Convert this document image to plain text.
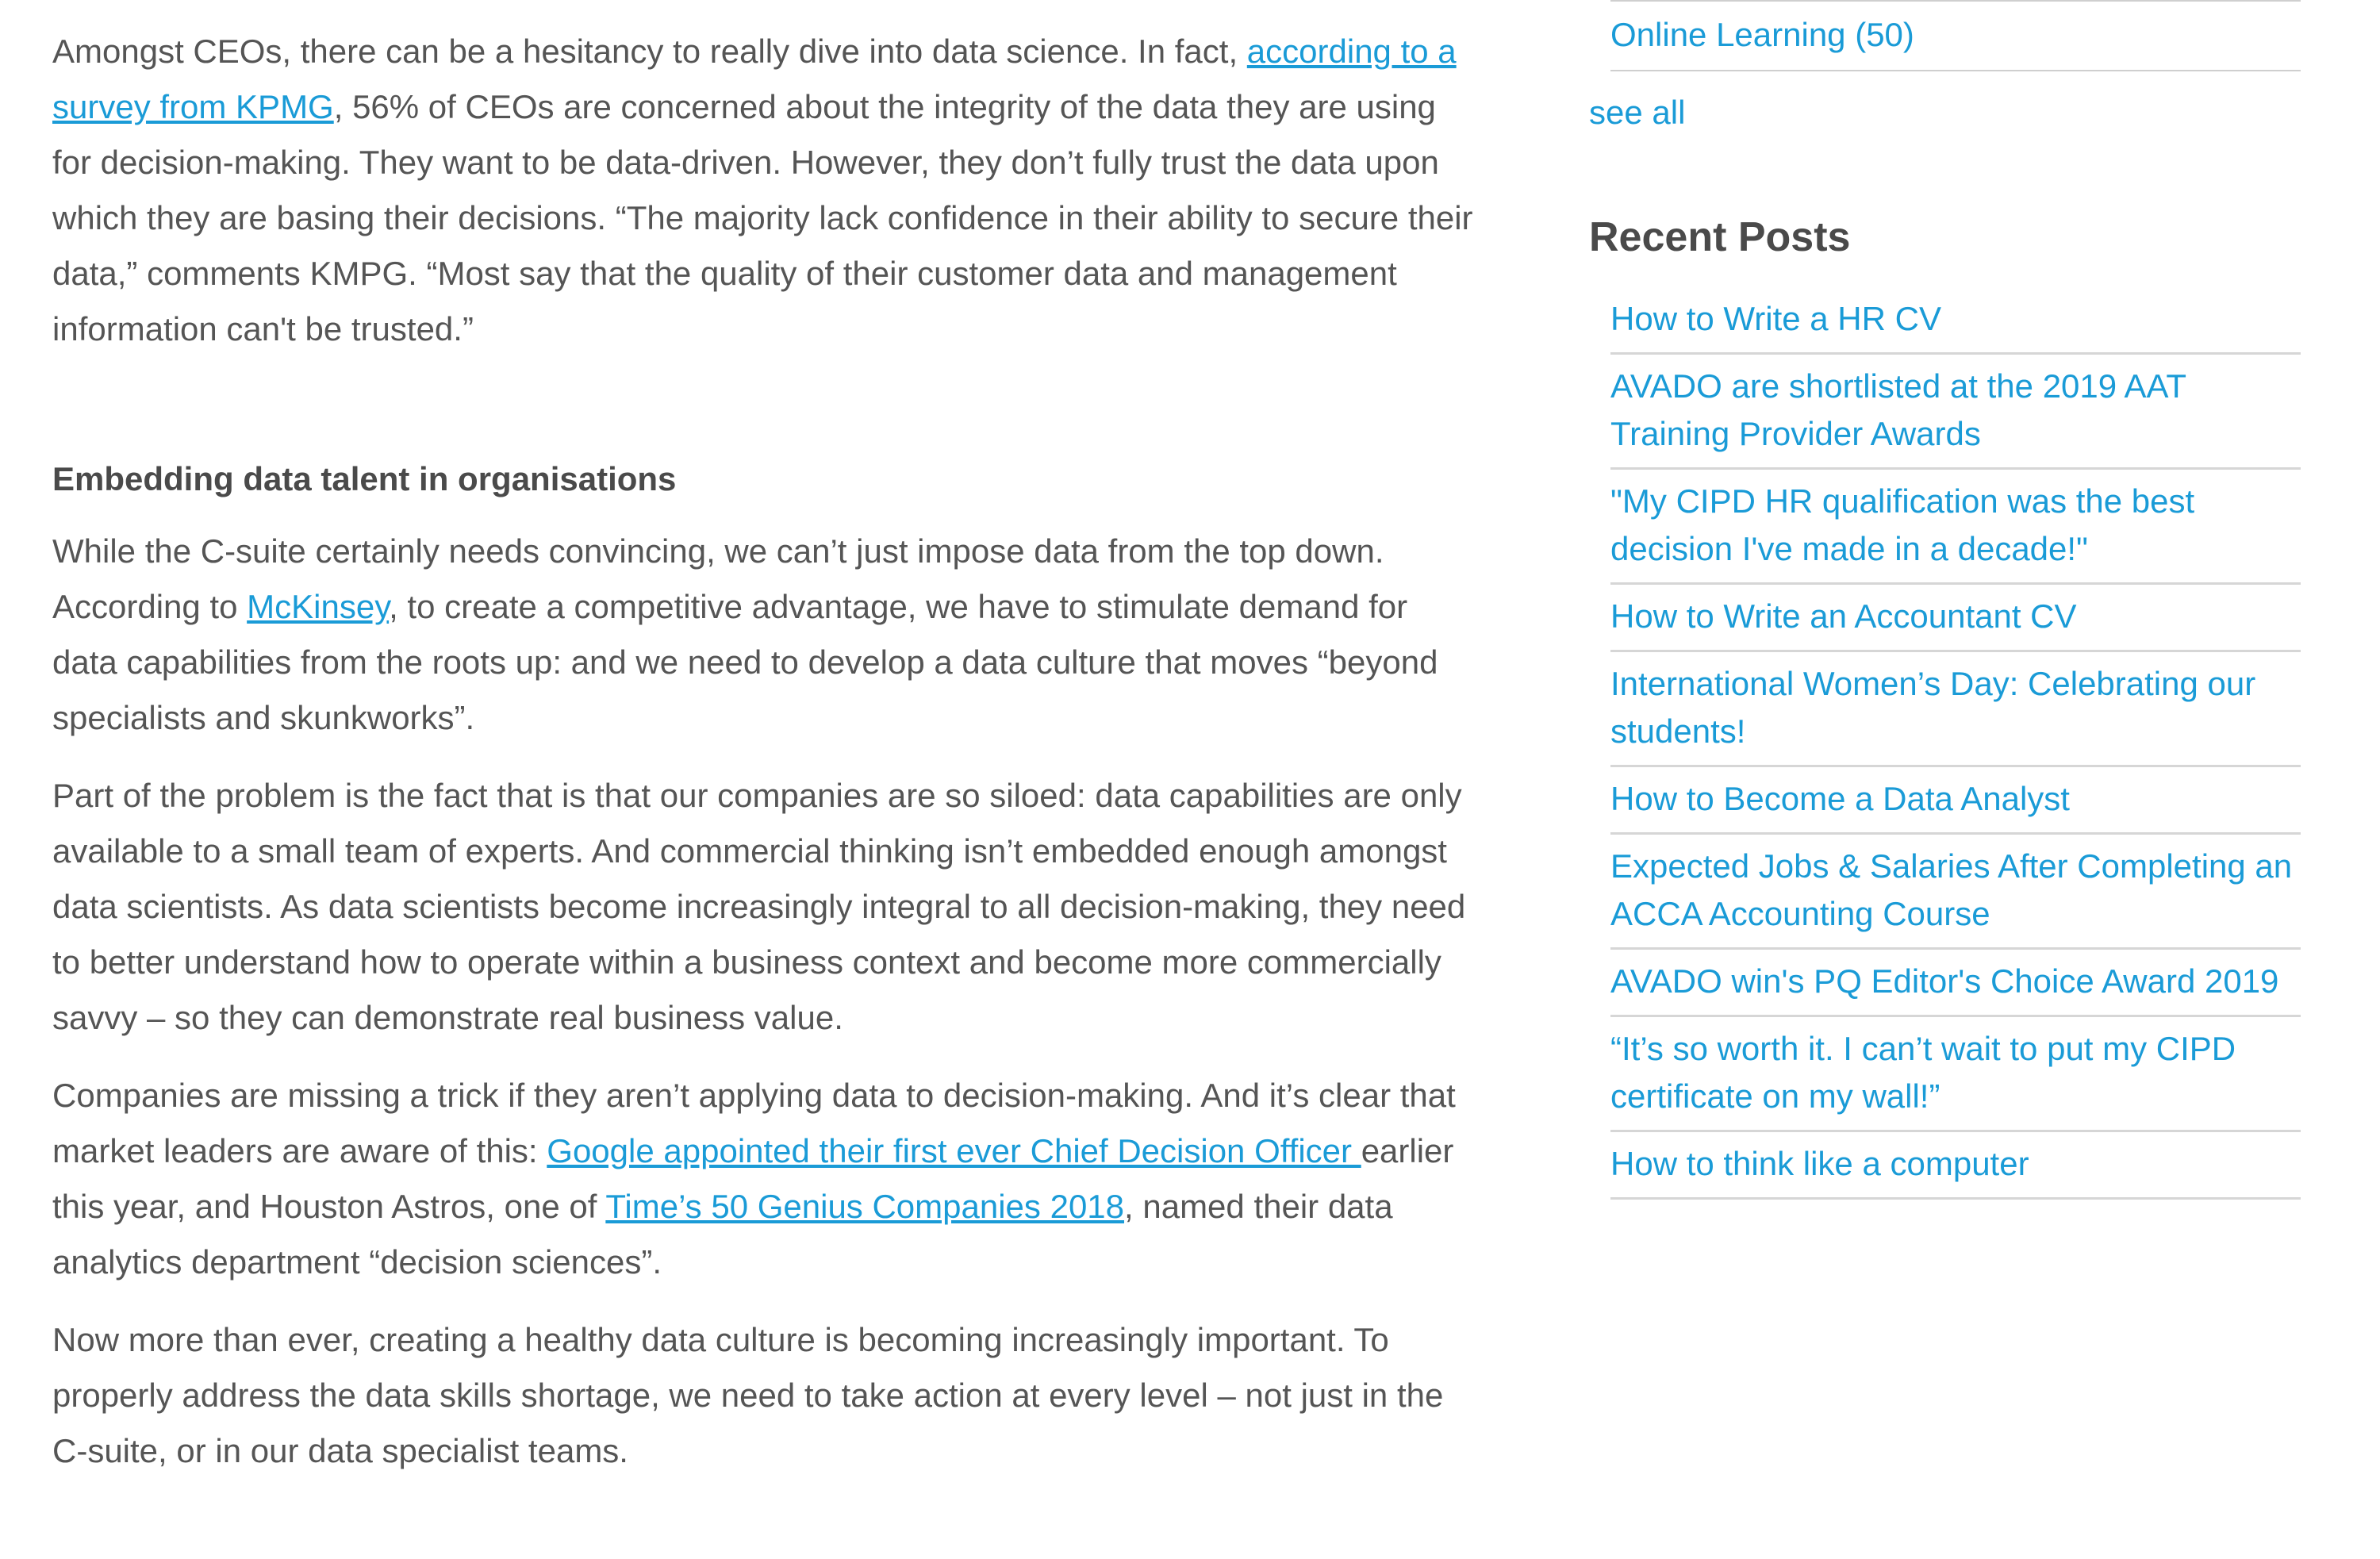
Amongst CEOs, there can be a hesitancy to really dive into data science. In fact, according to a survey from KPMG, 56% of CEOs are concerned about the integrity of the data they are using for decision-making. They want to be data-driven. However, they don’t fully trust the data upon which they are basing their decisions. “The majority lack confidence in their ability to secure their data,” comments KMPG. “Most say that the quality of their customer data and management information can't be trusted.”

Embedding data talent in organisations

While the C-suite certainly needs convincing, we can’t just impose data from the top down. According to McKinsey, to create a competitive advantage, we have to stimulate demand for data capabilities from the roots up: and we need to develop a data culture that moves “beyond specialists and skunkworks”.

Part of the problem is the fact that is that our companies are so siloed: data capabilities are only available to a small team of experts. And commercial thinking isn’t embedded enough amongst data scientists. As data scientists become increasingly integral to all decision-making, they need to better understand how to operate within a business context and become more commercially savvy – so they can demonstrate real business value.

Companies are missing a trick if they aren’t applying data to decision-making. And it’s clear that market leaders are aware of this: Google appointed their first ever Chief Decision Officer earlier this year, and Houston Astros, one of Time’s 50 Genius Companies 2018, named their data analytics department “decision sciences”.

Now more than ever, creating a healthy data culture is becoming increasingly important. To properly address the data skills shortage, we need to take action at every level – not just in the C-suite, or in our data specialist teams.

Online Learning (50)
see all
Recent Posts
How to Write a HR CV
AVADO are shortlisted at the 2019 AAT Training Provider Awards
"My CIPD HR qualification was the best decision I've made in a decade!"
How to Write an Accountant CV
International Women’s Day: Celebrating our students!
How to Become a Data Analyst
Expected Jobs & Salaries After Completing an ACCA Accounting Course
AVADO win's PQ Editor's Choice Award 2019
“It’s so worth it. I can’t wait to put my CIPD certificate on my wall!”
How to think like a computer
